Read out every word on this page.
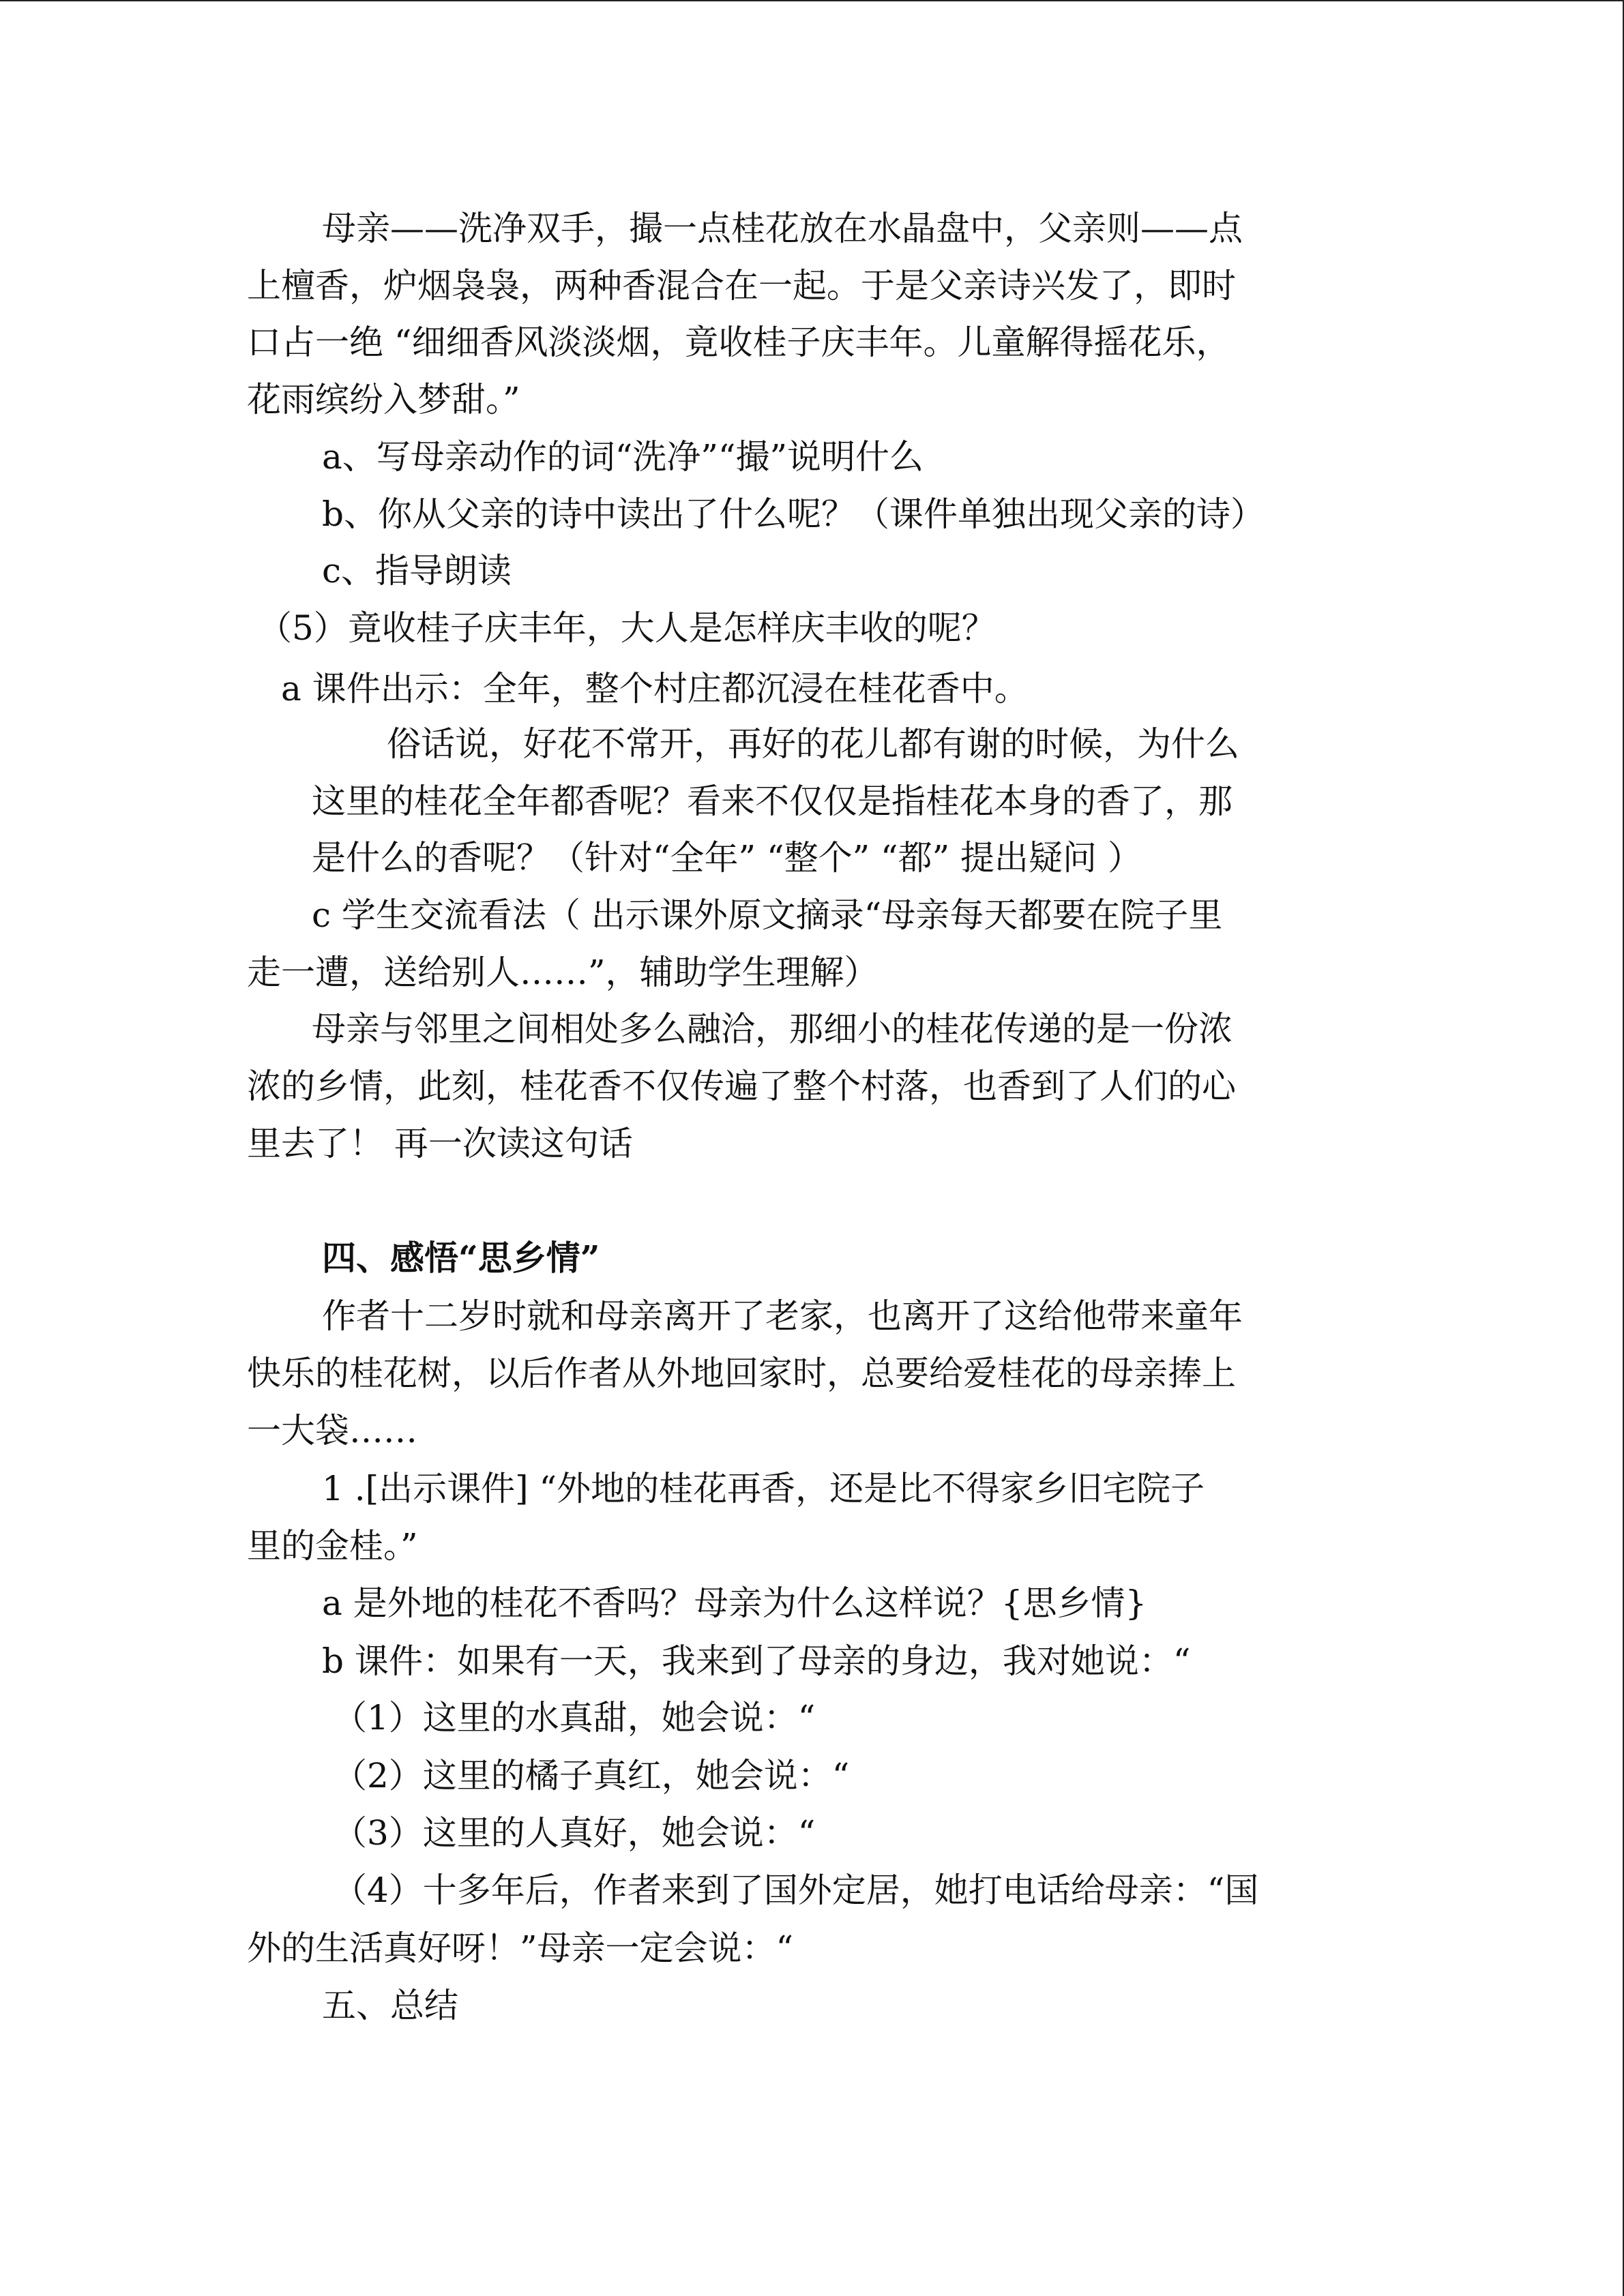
母亲——洗净双手，撮一点桂花放在水晶盘中，父亲则——点
上檀香，炉烟袅袅，两种香混合在一起。于是父亲诗兴发了，即时
口占一绝 “细细香风淡淡烟，竟收桂子庆丰年。儿童解得摇花乐，
花雨缤纷入梦甜。”
a、写母亲动作的词“洗净”“撮”说明什么
b、你从父亲的诗中读出了什么呢？（课件单独出现父亲的诗）
c、指导朗读
（5）竟收桂子庆丰年，大人是怎样庆丰收的呢？
a 课件出示：全年，整个村庄都沉浸在桂花香中。
俗话说，好花不常开，再好的花儿都有谢的时候，为什么
这里的桂花全年都香呢？看来不仅仅是指桂花本身的香了，那
是什么的香呢？（针对“全年” “整个” “都” 提出疑问 ）
c 学生交流看法（ 出示课外原文摘录“母亲每天都要在院子里
走一遭，送给别人……”，辅助学生理解）
母亲与邻里之间相处多么融洽，那细小的桂花传递的是一份浓
浓的乡情，此刻，桂花香不仅传遍了整个村落，也香到了人们的心
里去了！ 再一次读这句话
四、感悟“思乡情”
作者十二岁时就和母亲离开了老家，也离开了这给他带来童年
快乐的桂花树，以后作者从外地回家时，总要给爱桂花的母亲捧上
一大袋……
1 .[出示课件] “外地的桂花再香，还是比不得家乡旧宅院子
里的金桂。”
a 是外地的桂花不香吗？母亲为什么这样说？{思乡情}
b 课件：如果有一天，我来到了母亲的身边，我对她说：“
（1）这里的水真甜，她会说：“
（2）这里的橘子真红，她会说：“
（3）这里的人真好，她会说：“
（4）十多年后，作者来到了国外定居，她打电话给母亲：“国
外的生活真好呀！”母亲一定会说：“
五、总结
